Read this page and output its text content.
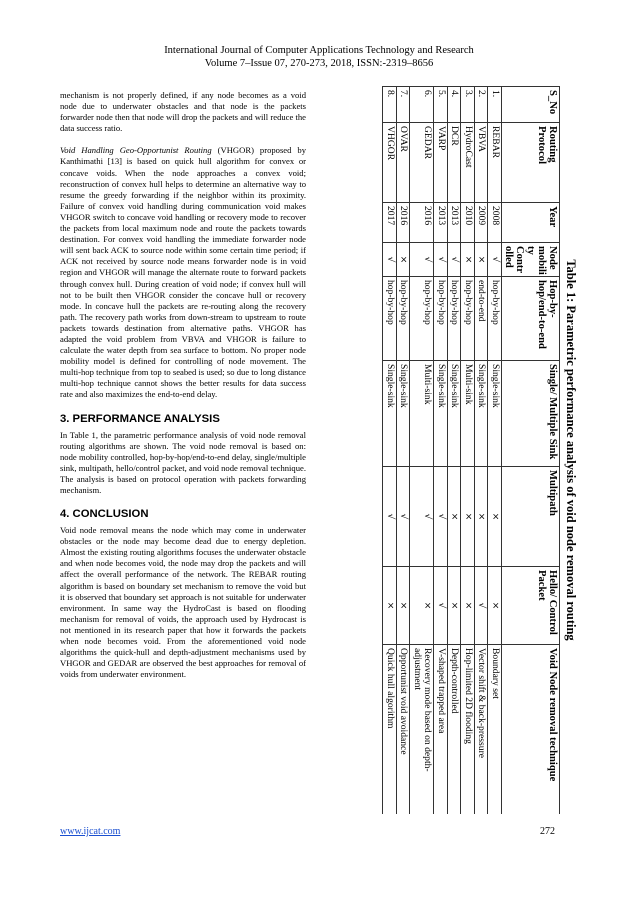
International Journal of Computer Applications Technology and Research
Volume 7–Issue 07, 270-273, 2018, ISSN:-2319–8656

mechanism is not properly defined, if any node becomes as a void node due to underwater obstacles and that node is the packets forwarder node then that node will drop the packets and will reduce the data success ratio.

Void Handling Geo-Opportunist Routing (VHGOR) proposed by Kanthimathi [13] is based on quick hull algorithm for convex or concave voids. When the node approaches a convex void; reconstruction of convex hull helps to determine an alternative way to resume the greedy forwarding if the neighbor within its proximity. Failure of convex void handling during communication void makes VHGOR switch to concave void handling or recovery mode to recover the packets from local maximum node and route the packets towards destination. For convex void handling the immediate forwarder node will sent back ACK to source node within some certain time period; if ACK not received by source node means forwarder node is in void region and VHGOR will manage the alternate route to forward packets through convex hull. During creation of void node; if convex hull will not to be built then VHGOR consider the concave hull or recovery mode. In concave hull the packets are re-routing along the recovery path. The recovery path works from down-stream to upstream to route packets towards destination from alternative paths. VHGOR has adapted the void problem from VBVA and VHGOR is failure to calculate the water depth from sea surface to bottom. No proper node mobility model is defined for controlling of node movement. The multi-hop technique from top to seabed is used; so due to long distance multi-hop technique cannot shows the better results for data success rate and also maximizes the end-to-end delay.

3. PERFORMANCE ANALYSIS

In Table 1, the parametric performance analysis of void node removal routing algorithms are shown. The void node removal is based on: node mobility controlled, hop-by-hop/end-to-end delay, single/multiple sink, multipath, hello/control packet, and void node removal technique. The analysis is based on protocol operation with packets forwarding mechanism.

4. CONCLUSION

Void node removal means the node which may come in underwater obstacles or the node may become dead due to energy depletion. Almost the existing routing algorithms focuses the underwater obstacle and when node becomes void, the node may drop the packets and will affect the overall performance of the network. The REBAR routing algorithm is based on boundary set mechanism to remove the void but it is observed that boundary set approach is not suitable for underwater environment. In same way the HydroCast is based on flooding mechanism for removal of voids, the approach used by Hydrocast is not mentioned in its research paper that how it forwards the packets when node becomes void. From the aforementioned void node algorithms the quick-hull and depth-adjustment mechanisms used by VHGOR and GEDAR are observed the best approaches for removal of voids from underwater environment.

Table 1: Parametric performance analysis of void node removal routing
S_No	Routing Protocol	Year	Node mobili ty Contr olled	Hop-by-hop/end-to-end	Single/ Multiple Sink	Multipath	Hello/ Control Packet	Void Node removal technique
1.	REBAR	2008	√	hop-by-hop	Single-sink	×	×	Boundary set
2.	VBVA	2009	×	end-to-end	Single-sink	×	√	Vector shift & back-pressure
3.	HydroCast	2010	×	hop-by-hop	Multi-sink	×	×	Hop-limited 2D flooding
4.	DCR	2013	√	hop-by-hop	Single-sink	×	×	Depth-controlled
5.	VARP	2013	√	hop-by-hop	Single-sink	√	√	V-shaped trapped area
6.	GEDAR	2016	√	hop-by-hop	Multi-sink	√	×	Recovery mode based on depth-adjustment
7.	OVAR	2016	×	hop-by-hop	Single-sink	√	×	Opportunist void avoidance
8.	VHGOR	2017	√	hop-by-hop	Single-sink	√	×	Quick hull algorithm
www.ijcat.com	272
